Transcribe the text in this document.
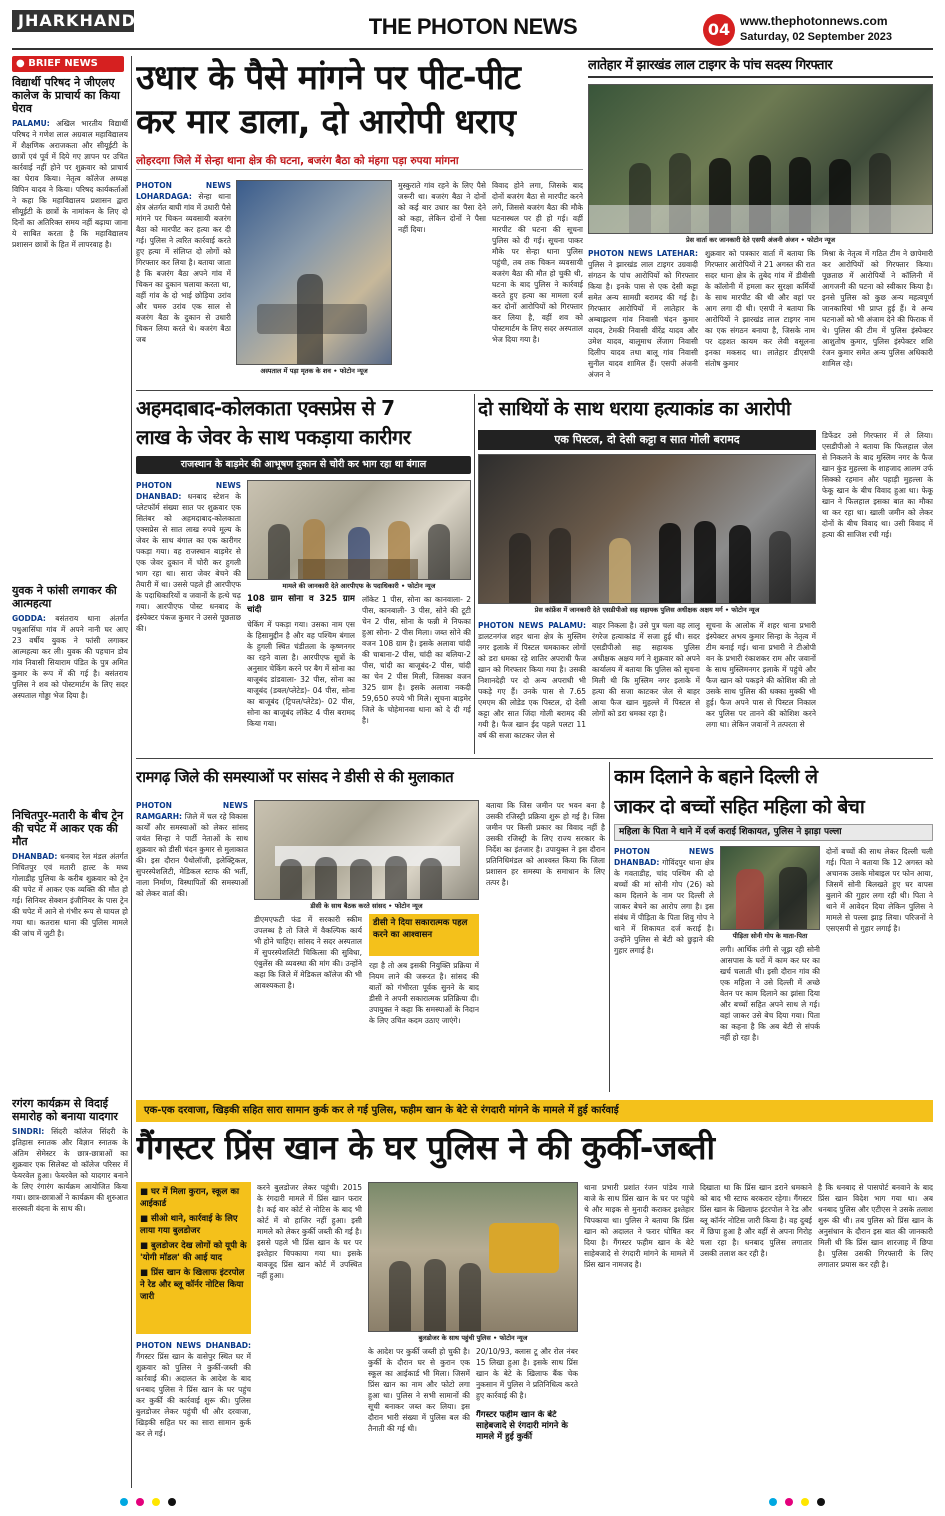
JHARKHAND	THE PHOTON NEWS	04 www.thephotonnews.com
Saturday, 02 September 2023
● BRIEF NEWS
विद्यार्थी परिषद ने जीएलए कालेज के प्राचार्य का किया घेराव
PALAMU: अखिल भारतीय विद्यार्थी परिषद ने गणेश लाल अग्रवाल महाविद्यालय में शैक्षणिक अराजकता और सीयूईटी के छात्रों एवं पूर्व में दिये गए ज्ञापन पर उचित कार्रवाई नहीं होने पर शुक्रवार को प्राचार्य का घेराव किया। नेतृत्व कॉलेज अध्यक्ष विपिन यादव ने किया। परिषद कार्यकर्ताओं ने कहा कि महाविद्यालय प्रशासन द्वारा सीयूईटी के छात्रों के नामांकन के लिए दो दिनों का अतिरिक्त समय नहीं बढ़ाया जाना ये साबित करता है कि महाविद्यालय प्रशासन छात्रों के हित में लापरवाह है।
युवक ने फांसी लगाकर की आत्महत्या
GODDA: बसंतराय थाना अंतर्गत पथुआसिंघा गांव में अपने नानी घर आए 23 वर्षीय युवक ने फांसी लगाकर आत्महत्या कर ली। युवक की पहचान डोय गांव निवासी सियाराम पंडित के पुत्र अमित कुमार के रूप में की गई है। बसंतराय पुलिस ने शव को पोस्टमार्टम के लिए सदर अस्पताल गोड्डा भेज दिया है।
निचितपुर-मतारी के बीच ट्रेन की चपेट में आकर एक की मौत
DHANBAD: धनबाद रेल मंडल अंतर्गत निचितपुर एवं मतारी हाल्ट के मध्य गोलाडीह पुलिया के करीब शुक्रवार को ट्रेन की चपेट में आकर एक व्यक्ति की मौत हो गई। सिनियर सेक्शन इंजीनियर के पास ट्रेन की चपेट में आने से गंभीर रूप से घायल हो गया था। कतरास थाना की पुलिस मामले की जांच में जुटी है।
रगंरग कार्यक्रम से विदाई समारोह को बनाया यादगार
SINDRI: सिंदरी कॉलेज सिंदरी के इतिहास स्नातक और विज्ञान स्नातक के अंतिम सेमेस्टर के छात्र-छात्राओं का शुक्रवार एक सिलेक्ट वो कॉलेज परिसर में फेयरवेल हुआ। फेयरवेल को यादगार बनाने के लिए रंगारंग कार्यक्रम आयोजित किया गया। छात्र-छात्राओं ने कार्यक्रम की शुरुआत सरस्वती वंदना के साथ की।
उधार के पैसे मांगने पर पीट-पीट
कर मार डाला, दो आरोपी धराए
लोहरदगा जिले में सेन्हा थाना क्षेत्र की घटना, बजरंग बैठा को मंहगा पड़ा रुपया मांगना
PHOTON NEWS LOHARDAGA: सेन्हा थाना क्षेत्र अंतर्गत बाघी गांव में उधारी पैसे मांगने पर चिकन व्यवसायी बजरंग बैठा को मारपीट कर हत्या कर दी गई। पुलिस ने त्वरित कार्रवाई करते हुए हत्या में संलिप्त दो लोगों को गिरफ्तार कर लिया है। बताया जाता है कि बजरंग बैठा अपने गांव में चिकन का दुकान चलाया करता था, वहीं गांव के दो भाई छोड़िया उरांव और चमरु उरांव एक साल से बजरंग बैठा के दुकान से उधारी चिकन लिया करते थे। बजरंग बैठा जब
अस्पताल में पड़ा मृतक के शव • फोटोन न्यूज
मुस्कुराते गांव रहने के लिए पैसे जरूरी था। बजरंग बैठा ने दोनों को कई बार उधार का पैसा देने को कहा, लेकिन दोनों ने पैसा नहीं दिया।
विवाद होने लगा, जिसके बाद दोनों बजरंग बैठा से मारपीट करने लगे, जिससे बजरंग बैठा की मौके घटनास्थल पर ही हो गई। वहीं मारपीट की घटना की सूचना पुलिस को दी गई। सूचना पाकर मौके पर सेन्हा थाना पुलिस पहुंची, तब तक चिकन व्यवसायी बजरंग बैठा की मौत हो चुकी थी, घटना के बाद पुलिस ने कार्रवाई करते हुए हत्या का मामला दर्ज कर दोनों आरोपियों को गिरफ्तार कर लिया है, वहीं शव को पोस्टमार्टम के लिए सदर अस्पताल भेज दिया गया है।
लातेहार में झारखंड लाल टाइगर के पांच सदस्य गिरफ्तार
प्रेस वार्ता कर जानकारी देते एसपी अंजनी अंजन • फोटोन न्यूज
PHOTON NEWS LATEHAR: पुलिस ने झारखंड लाल टाइगर उग्रवादी संगठन के पांच आरोपियों को गिरफ्तार किया है। इनके पास से एक देसी कट्टा समेत अन्य सामग्री बरामद की गई है। गिरफ्तार आरोपियों में लातेहार के अम्बाझरण गांव निवासी चंदन कुमार यादव, टेमकी निवासी वीरेंद्र यादव और उमेश यादव, बालूमाथ लेंजाग निवासी दिलीप यादव तथा बालू गांव निवासी सुनील यादव शामिल हैं। एसपी अंजनी अंजन ने
शुक्रवार को पत्रकार वार्ता में बताया कि गिरफ्तार आरोपियों ने 21 अगस्त की रात सदर थाना क्षेत्र के तुबेद गांव में डीवीसी के कॉलोनी में हमला कर सुरक्षा कर्मियों के साथ मारपीट की थी और वहां पर आग लगा दी थी। एसपी ने बताया कि आरोपियों ने झारखंड लाल टाइगर नाम का एक संगठन बनाया है, जिसके नाम पर दहशत कायम कर लेवी वसूलना इनका मकसद था। लातेहार डीएसपी संतोष कुमार
मिश्रा के नेतृत्व में गठित टीम ने छापेमारी कर आरोपियों को गिरफ्तार किया। पूछताछ में आरोपियों ने कॉलिनी में आगजनी की घटना को स्वीकार किया है। इनसे पुलिस को कुछ अन्य महत्वपूर्ण जानकारियां भी प्राप्त हुई हैं। वे अन्य घटनाओं को भी अंजाम देने की फिराक में थे। पुलिस की टीम में पुलिस इंस्पेक्टर आशुतोष कुमार, पुलिस इंस्पेक्टर शशि रंजन कुमार समेत अन्य पुलिस अधिकारी शामिल रहे।
अहमदाबाद-कोलकाता एक्सप्रेस से 7
लाख के जेवर के साथ पकड़ाया कारीगर
राजस्थान के बाड़मेर की आभूषण दुकान से चोरी कर भाग रहा था बंगाल
PHOTON NEWS DHANBAD: धनबाद स्टेशन के प्लेटफॉर्म संख्या सात पर शुक्रवार एक सितंबर को अहमदाबाद-कोलकाता एक्सप्रेस से सात लाख रुपये मूल्य के जेवर के साथ बंगाल का एक कारीगर पकड़ा गया। वह राजस्थान बाड़मेर से एक जेवर दुकान में चोरी कर हुगली भाग रहा था। सारा जेवर बेचने की तैयारी में था। उससे पहले ही आरपीएफ के पदाधिकारियों व जवानों के हत्थे चढ़ गया। आरपीएफ पोस्ट धनबाद के इंस्पेक्टर पंकज कुमार ने उससे पूछताछ की।
मामले की जानकारी देते आरपीएफ के पदाधिकारी • फोटोन न्यूज
108 ग्राम सोना व 325 ग्राम चांदी
चेकिंग में पकड़ा गया। उसका नाम एस के हिसामुद्दीन है और वह पश्चिम बंगाल के हुगली स्थित चंडीतला के कृष्णनगर का रहने वाला है। आरपीएफ सूत्रों के अनुसार चेकिंग करने पर बैग में सोना का बाजूबंद डांडवाला- 32 पीस, सोना का बाजूबंद (डबल/प्लेटेड)- 04 पीस, सोना का बाजूबंद (ट्रिपल/प्लेटेड)- 02 पीस, सोना का बाजूबंद लॉकेट 4 पीस बरामद किया गया।
लॉकेट 1 पीस, सोना का कानवाला- 2 पीस, कानबाली- 3 पीस, सोने की टूटी चेन 2 पीस, सोना के फन्नी मे निफका हुआ सोना- 2 पीस मिला। जब्त सोने की वजन 108 ग्राम है। इसके अलावा चांदी की चाबाना-2 पीस, चांदी का बलिया-2 पीस, चांदी का बाजूबंद-2 पीस, चांदी का चेन 2 पीस मिली, जिसका वजन 325 ग्राम है। इसके अलावा नकदी 59,650 रुपये भी मिले। सूचना बाड़मेर जिले के चोहेमानवा थाना को दे दी गई है।
दो साथियों के साथ धराया हत्याकांड का आरोपी
एक पिस्टल, दो देसी कट्टा व सात गोली बरामद
प्रेस कांफ्रेंस में जानकारी देते एसडीपीओ सह सहायक पुलिस अधीक्षक अक्षय मर्ग • फोटोन न्यूज
डिफेंडर उसे गिरफ्तार में ले लिया। एसडीपीओ ने बताया कि फिलहाल जेल से निकलने के बाद मुस्लिम नगर के फैज खान कुंड मुहल्ला के शाहजाद आलम उर्फ सिक्को रहमान और पहाड़ी मुहल्ला के फेकू खान के बीच विवाद हुआ था। फेकू खान ने फिलहाल इसका बात का मौका था कर रहा था। खाली जमीन को लेकर दोनों के बीच विवाद था। उसी विवाद में हत्या की साजिश रची गई।
PHOTON NEWS PALAMU: डालटनगंज शहर थाना क्षेत्र के मुस्लिम नगर इलाके में पिस्टल चमकाकर लोगों को डरा धमका रहे शातिर अपराधी फैज खान को गिरफ्तार किया गया है। उसकी निशानदेही पर दो अन्य अपराधी भी पकड़े गए हैं। उनके पास से 7.65 एमएम की लोडेड एक पिस्टल, दो देसी कट्टा और सात जिंदा गोली बरामद की गयी है। फैज खान ईद पहले पलटा 11 वर्ष की सजा काटकर जेल से
बाहर निकला है। उसे पुत्र चला वह लालू रंगरेज हत्याकांड में सजा हुई थी। सदर एसडीपीओ सह सहायक पुलिस अधीक्षक अक्षय मर्ग ने शुक्रवार को अपने कार्यालय में बताया कि पुलिस को सूचना मिली थी कि मुस्लिम नगर इलाके में हत्या की सजा काटकर जेल से बाहर आया फैज खान मुहल्ले में पिस्टल से लोगों को डरा धमका रहा है।
सूचना के आलोक में शहर थाना प्रभारी इंस्पेक्टर अभय कुमार सिन्हा के नेतृत्व में टीम बनाई गई। थाना प्रभारी ने टीओपी वन के प्रभारी रंकाशकर राम और जवानों के साथ मुस्लिमनगर इलाके में पहुंचे और फैज खान को पकड़ने की कोशिश की तो उसके साथ पुलिस की धक्का मुक्की भी हुई। फैज अपने पास से पिस्टल निकाल कर पुलिस पर तानने की कोशिश करने लगा था। लेकिन जवानों ने तत्परता से
रामगढ़ जिले की समस्याओं पर सांसद ने डीसी से की मुलाकात
PHOTON NEWS RAMGARH: जिले में चल रहे विकास कार्यों और समस्याओं को लेकर सांसद जयंत सिन्हा ने पार्टी नेताओं के साथ शुक्रवार को डीसी चंदन कुमार से मुलाकात की। इस दौरान पैथोलॉजी, इलेक्ट्रिकल, सुपरस्पेशलिटी, मेडिकल स्टाफ की भर्ती, नाला निर्माण, विस्थापितों की समस्याओं को लेकर वार्ता की।
डीसी के साथ बैठक करते सांसद • फोटोन न्यूज
डीएमएफटी फंड में सरकारी स्कीम उपलब्ध है तो जिले में वैकल्पिक कार्य भी होने चाहिए। सांसद ने सदर अस्पताल में सुपरस्पेशलिटी चिकित्सा की सुविधा, एंबुलेंस की व्यवस्था की मांग की। उन्होंने कहा कि जिले में मेडिकल कॉलेज की भी आवश्यकता है।
डीसी ने दिया सकारात्मक पहल करने का आश्वासन
रहा है तो अब इसकी नियुक्ति प्रक्रिया में नियम लाने की जरूरत है। सांसद की बातों को गंभीरता पूर्वक सुनने के बाद डीसी ने अपनी सकारात्मक प्रतिक्रिया दी। उपायुक्त ने कहा कि समस्याओं के निदान के लिए उचित कदम उठाए जाएंगे।
बताया कि जिस जमीन पर भवन बना है उसकी रजिस्ट्री प्रक्रिया शुरू हो गई है। जिस जमीन पर किसी प्रकार का विवाद नहीं है उसकी रजिस्ट्री के लिए राज्य सरकार के निर्देश का इंतजार है। उपायुक्त ने इस दौरान प्रतिनिधिमंडल को आश्वस्त किया कि जिला प्रशासन हर समस्या के समाधान के लिए तत्पर है।
काम दिलाने के बहाने दिल्ली ले
जाकर दो बच्चों सहित महिला को बेचा
महिला के पिता ने थाने में दर्ज कराई शिकायत, पुलिस ने झाड़ा पल्ला
PHOTON NEWS DHANBAD: गोविंदपुर थाना क्षेत्र के गवताडीह, चांद पश्चिम की दो बच्चों की मां सोनी गोप (26) को काम दिलाने के नाम पर दिल्ली ले जाकर बेचने का आरोप लगा है। इस संबंध में पीड़िता के पिता शिवु गोप ने थाने में शिकायत दर्ज कराई है। उन्होंने पुलिस से बेटी को छुड़ाने की गुहार लगाई है।
पीड़िता सोनी गोप के माता-पिता
लगी। आर्थिक तंगी से जूझ रही सोनी आसपास के घरों में काम कर घर का खर्च चलाती थी। इसी दौरान गांव की एक महिला ने उसे दिल्ली में अच्छे वेतन पर काम दिलाने का झांसा दिया और बच्चों सहित अपने साथ ले गई। वहां जाकर उसे बेच दिया गया। पिता का कहना है कि अब बेटी से संपर्क नहीं हो रहा है।
दोनों बच्चों की साथ लेकर दिल्ली चली गई। पिता ने बताया कि 12 अगस्त को अचानक उसके मोबाइल पर फोन आया, जिसमें सोनी बिलखते हुए घर वापस बुलाने की गुहार लगा रही थी। पिता ने थाने में आवेदन दिया लेकिन पुलिस ने मामले से पल्ला झाड़ लिया। परिजनों ने एसएसपी से गुहार लगाई है।
एक-एक दरवाजा, खिड़की सहित सारा सामान कुर्क कर ले गई पुलिस, फहीम खान के बेटे से रंगदारी मांगने के मामले में हुई कार्रवाई
गैंगस्टर प्रिंस खान के घर पुलिस ने की कुर्की-जब्ती
■ घर में मिला कुरान, स्कूल का आईकार्ड
■ सीओ थाने, कार्रवाई के लिए लाया गया बुलडोजर
■ बुलडोजर देख लोगों को यूपी के 'योगी मॉडल' की आई याद
■ प्रिंस खान के खिलाफ इंटरपोल ने रेड और ब्लू कॉर्नर नोटिस किया जारी
PHOTON NEWS DHANBAD: गैंगस्टर प्रिंस खान के वासेपुर स्थित घर में शुक्रवार को पुलिस ने कुर्की-जब्ती की कार्रवाई की। अदालत के आदेश के बाद धनबाद पुलिस ने प्रिंस खान के घर पहुंच कर कुर्की की कार्रवाई शुरू की। पुलिस बुलडोजर लेकर पहुंची थी और दरवाजा, खिड़की सहित घर का सारा सामान कुर्क कर ले गई।
करने बुलडोजर लेकर पहुंची। 2015 के रंगदारी मामले में प्रिंस खान फरार है। कई बार कोर्ट से नोटिस के बाद भी कोर्ट में वो हाजिर नहीं हुआ। इसी मामले को लेकर कुर्की जब्ती की गई है। इससे पहले भी प्रिंस खान के घर पर इश्तेहार चिपकाया गया था। इसके बावजूद प्रिंस खान कोर्ट में उपस्थित नहीं हुआ।
बुलडोजर के साथ पहुंची पुलिस • फोटोन न्यूज
के आदेश पर कुर्की जब्ती हो चुकी है। कुर्की के दौरान घर से कुरान एक स्कूल का आईकार्ड भी मिला। जिसमें प्रिंस खान का नाम और फोटो लगा हुआ था। पुलिस ने सभी सामानों की सूची बनाकर जब्त कर लिया। इस दौरान भारी संख्या में पुलिस बल की तैनाती की गई थी।
20/10/93, क्लास टू और रोल नंबर 15 लिखा हुआ है। इसके साथ प्रिंस खान के बेटे के खिलाफ बैंक चेक नुकसान में पुलिस ने प्रतिनिधित्व करते हुए कार्रवाई की है।
गैंगस्टर फहीम खान के बेटे साहेबजादे से रंगदारी मांगने के मामले में हुई कुर्की
थाना प्रभारी प्रशांत रंजन पांडेय गाजे बाजे के साथ प्रिंस खान के घर पर पहुंचे थे और माइक से मुनादी कराकर इश्तेहार चिपकाया था। पुलिस ने बताया कि प्रिंस खान को अदालत ने फरार घोषित कर दिया है। गैंगस्टर फहीम खान के बेटे साहेबजादे से रंगदारी मांगने के मामले में प्रिंस खान नामजद है।
दिखाता था कि प्रिंस खान डराने धमकाने को बाद भी स्टाफ बरकरार रहेगा। गैंगस्टर प्रिंस खान के खिलाफ इंटरपोल ने रेड और ब्लू कॉर्नर नोटिस जारी किया है। वह दुबई में छिपा हुआ है और वहीं से अपना गिरोह चला रहा है। धनबाद पुलिस लगातार उसकी तलाश कर रही है।
है कि धनबाद से पासपोर्ट बनवाने के बाद प्रिंस खान विदेश भाग गया था। अब धनबाद पुलिस और एटीएस ने उसके तलाश शुरू की थी। तब पुलिस को प्रिंस खान के अनुसंधान के दौरान इस बात की जानकारी मिली थी कि प्रिंस खान शारजाह में छिपा है। पुलिस उसकी गिरफ्तारी के लिए लगातार प्रयास कर रही है।
